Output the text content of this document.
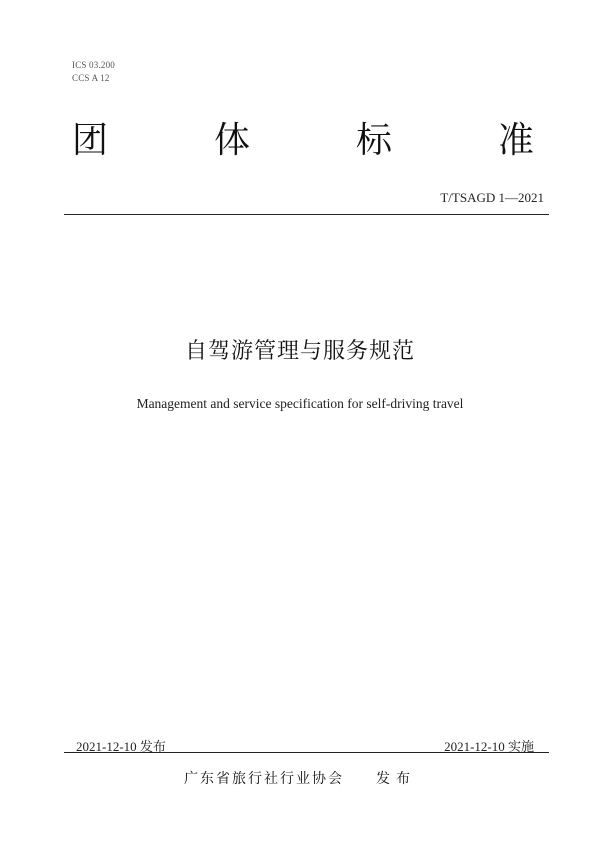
ICS 03.200
CCS A 12
团	体	标	准
T/TSAGD 1—2021
自驾游管理与服务规范
Management and service specification for self-driving travel
2021-12-10 发布	2021-12-10 实施
广东省旅行社行业协会 发布
